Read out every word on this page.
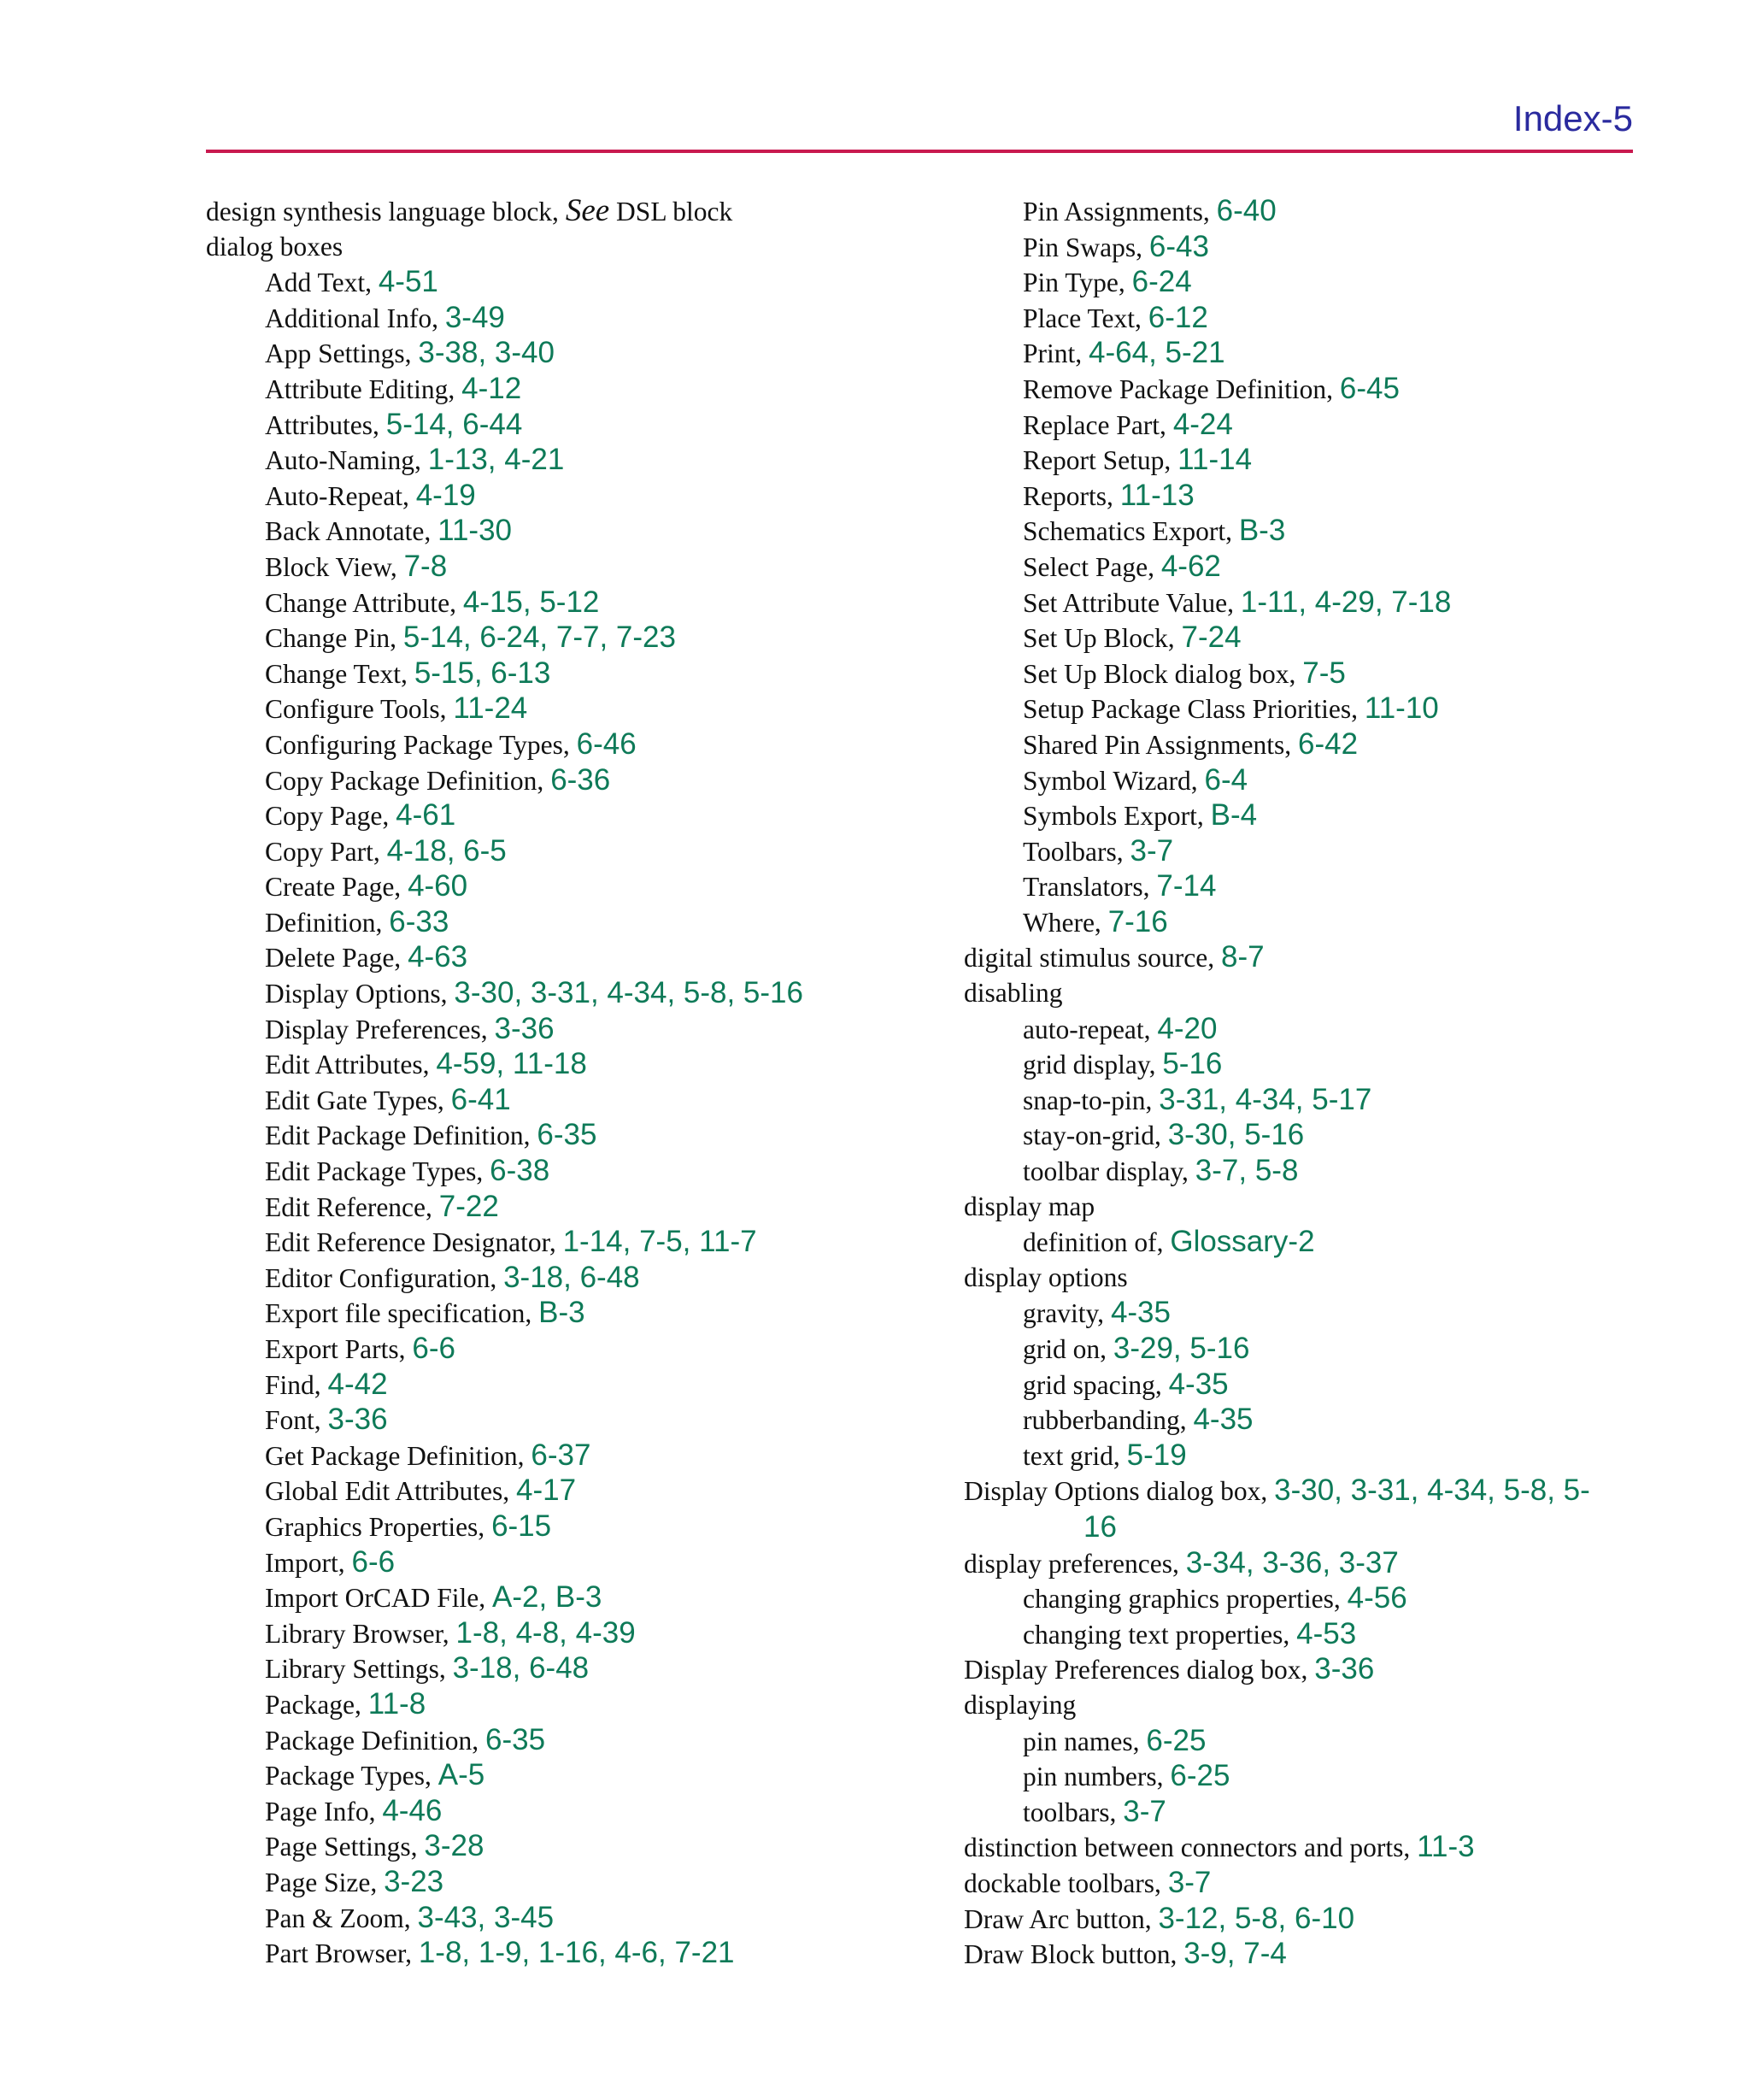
Index-5
design synthesis language block, See DSL block
dialog boxes
Add Text, 4-51
Additional Info, 3-49
App Settings, 3-38, 3-40
Attribute Editing, 4-12
Attributes, 5-14, 6-44
Auto-Naming, 1-13, 4-21
Auto-Repeat, 4-19
Back Annotate, 11-30
Block View, 7-8
Change Attribute, 4-15, 5-12
Change Pin, 5-14, 6-24, 7-7, 7-23
Change Text, 5-15, 6-13
Configure Tools, 11-24
Configuring Package Types, 6-46
Copy Package Definition, 6-36
Copy Page, 4-61
Copy Part, 4-18, 6-5
Create Page, 4-60
Definition, 6-33
Delete Page, 4-63
Display Options, 3-30, 3-31, 4-34, 5-8, 5-16
Display Preferences, 3-36
Edit Attributes, 4-59, 11-18
Edit Gate Types, 6-41
Edit Package Definition, 6-35
Edit Package Types, 6-38
Edit Reference, 7-22
Edit Reference Designator, 1-14, 7-5, 11-7
Editor Configuration, 3-18, 6-48
Export file specification, B-3
Export Parts, 6-6
Find, 4-42
Font, 3-36
Get Package Definition, 6-37
Global Edit Attributes, 4-17
Graphics Properties, 6-15
Import, 6-6
Import OrCAD File, A-2, B-3
Library Browser, 1-8, 4-8, 4-39
Library Settings, 3-18, 6-48
Package, 11-8
Package Definition, 6-35
Package Types, A-5
Page Info, 4-46
Page Settings, 3-28
Page Size, 3-23
Pan & Zoom, 3-43, 3-45
Part Browser, 1-8, 1-9, 1-16, 4-6, 7-21
Pin Assignments, 6-40
Pin Swaps, 6-43
Pin Type, 6-24
Place Text, 6-12
Print, 4-64, 5-21
Remove Package Definition, 6-45
Replace Part, 4-24
Report Setup, 11-14
Reports, 11-13
Schematics Export, B-3
Select Page, 4-62
Set Attribute Value, 1-11, 4-29, 7-18
Set Up Block, 7-24
Set Up Block dialog box, 7-5
Setup Package Class Priorities, 11-10
Shared Pin Assignments, 6-42
Symbol Wizard, 6-4
Symbols Export, B-4
Toolbars, 3-7
Translators, 7-14
Where, 7-16
digital stimulus source, 8-7
disabling
auto-repeat, 4-20
grid display, 5-16
snap-to-pin, 3-31, 4-34, 5-17
stay-on-grid, 3-30, 5-16
toolbar display, 3-7, 5-8
display map
definition of, Glossary-2
display options
gravity, 4-35
grid on, 3-29, 5-16
grid spacing, 4-35
rubberbanding, 4-35
text grid, 5-19
Display Options dialog box, 3-30, 3-31, 4-34, 5-8, 5-
16
display preferences, 3-34, 3-36, 3-37
changing graphics properties, 4-56
changing text properties, 4-53
Display Preferences dialog box, 3-36
displaying
pin names, 6-25
pin numbers, 6-25
toolbars, 3-7
distinction between connectors and ports, 11-3
dockable toolbars, 3-7
Draw Arc button, 3-12, 5-8, 6-10
Draw Block button, 3-9, 7-4
